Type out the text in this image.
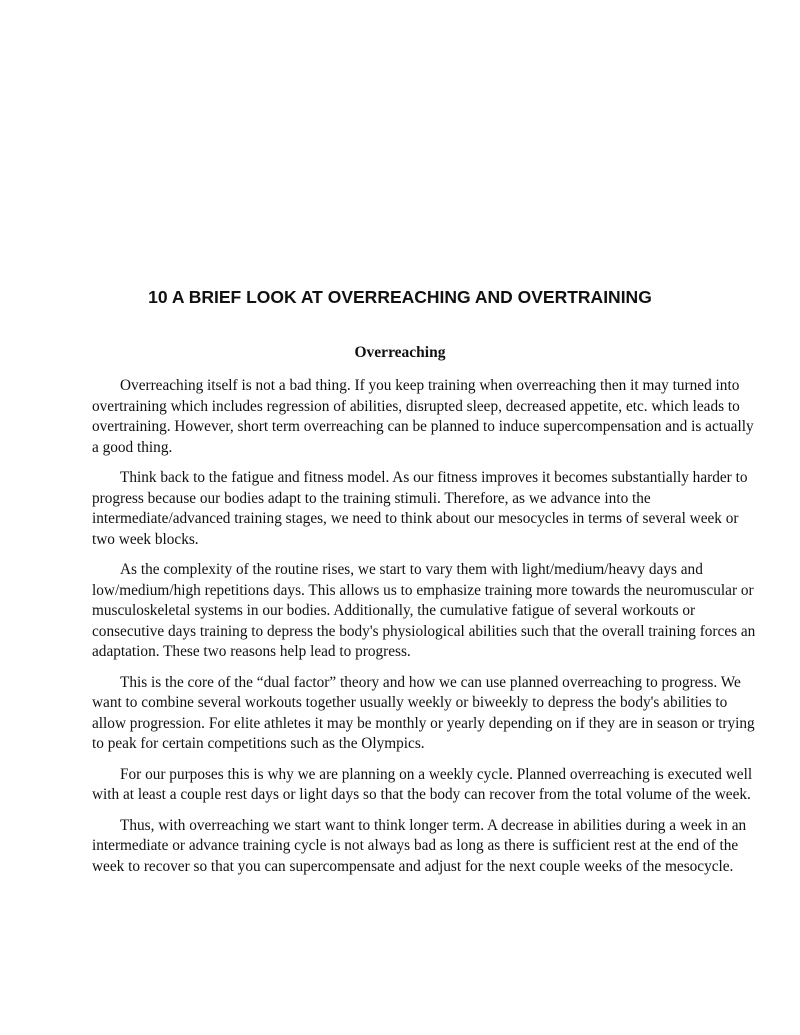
10 A BRIEF LOOK AT OVERREACHING AND OVERTRAINING
Overreaching

Overreaching itself is not a bad thing. If you keep training when overreaching then it may turned into overtraining which includes regression of abilities, disrupted sleep, decreased appetite, etc. which leads to overtraining. However, short term overreaching can be planned to induce supercompensation and is actually a good thing.

Think back to the fatigue and fitness model. As our fitness improves it becomes substantially harder to progress because our bodies adapt to the training stimuli. Therefore, as we advance into the intermediate/advanced training stages, we need to think about our mesocycles in terms of several week or two week blocks.

As the complexity of the routine rises, we start to vary them with light/medium/heavy days and low/medium/high repetitions days. This allows us to emphasize training more towards the neuromuscular or musculoskeletal systems in our bodies. Additionally, the cumulative fatigue of several workouts or consecutive days training to depress the body's physiological abilities such that the overall training forces an adaptation. These two reasons help lead to progress.

This is the core of the “dual factor” theory and how we can use planned overreaching to progress. We want to combine several workouts together usually weekly or biweekly to depress the body's abilities to allow progression. For elite athletes it may be monthly or yearly depending on if they are in season or trying to peak for certain competitions such as the Olympics.

For our purposes this is why we are planning on a weekly cycle. Planned overreaching is executed well with at least a couple rest days or light days so that the body can recover from the total volume of the week.

Thus, with overreaching we start want to think longer term. A decrease in abilities during a week in an intermediate or advance training cycle is not always bad as long as there is sufficient rest at the end of the week to recover so that you can supercompensate and adjust for the next couple weeks of the mesocycle.
